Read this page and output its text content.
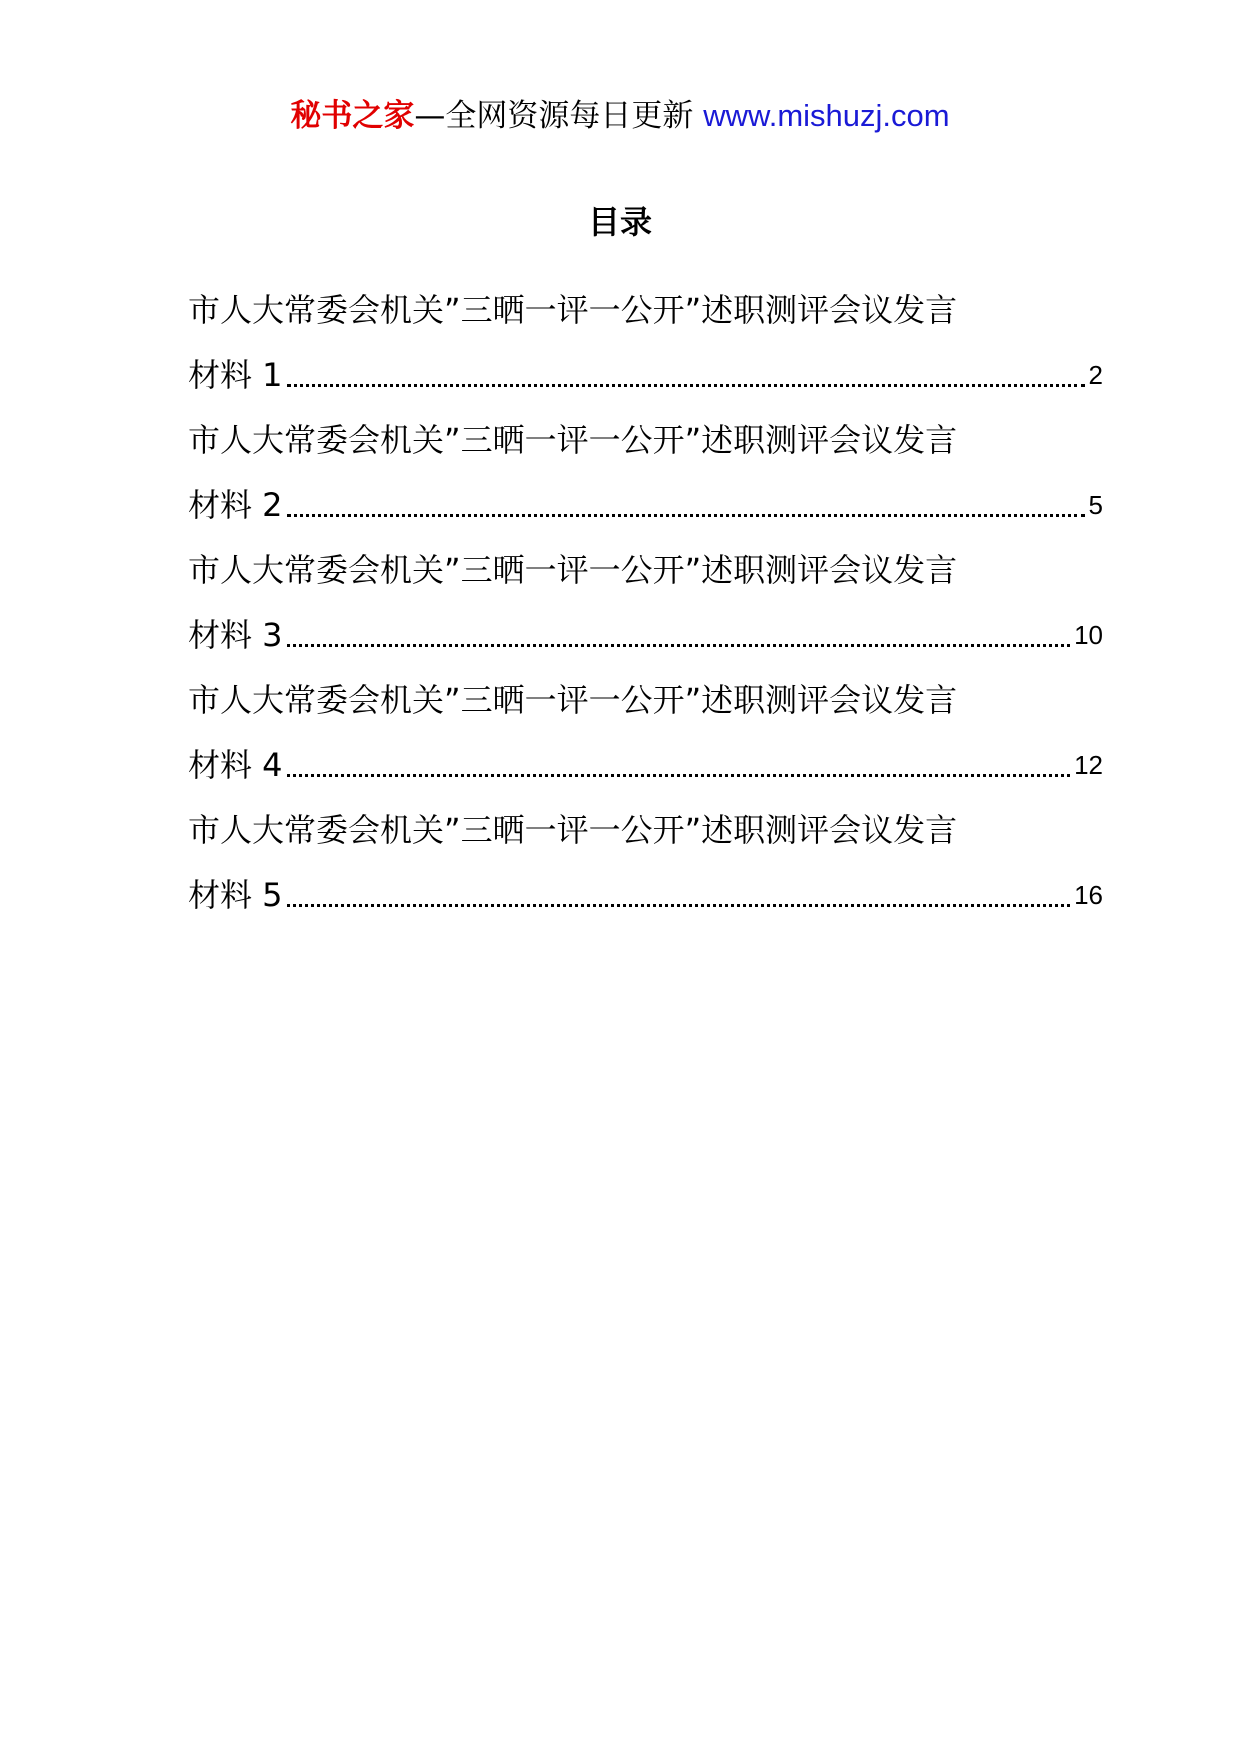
秘书之家—全网资源每日更新 www.mishuzj.com
目录
市人大常委会机关”三晒一评一公开”述职测评会议发言
材料 1	2
市人大常委会机关”三晒一评一公开”述职测评会议发言
材料 2	5
市人大常委会机关”三晒一评一公开”述职测评会议发言
材料 3	10
市人大常委会机关”三晒一评一公开”述职测评会议发言
材料 4	12
市人大常委会机关”三晒一评一公开”述职测评会议发言
材料 5	16
